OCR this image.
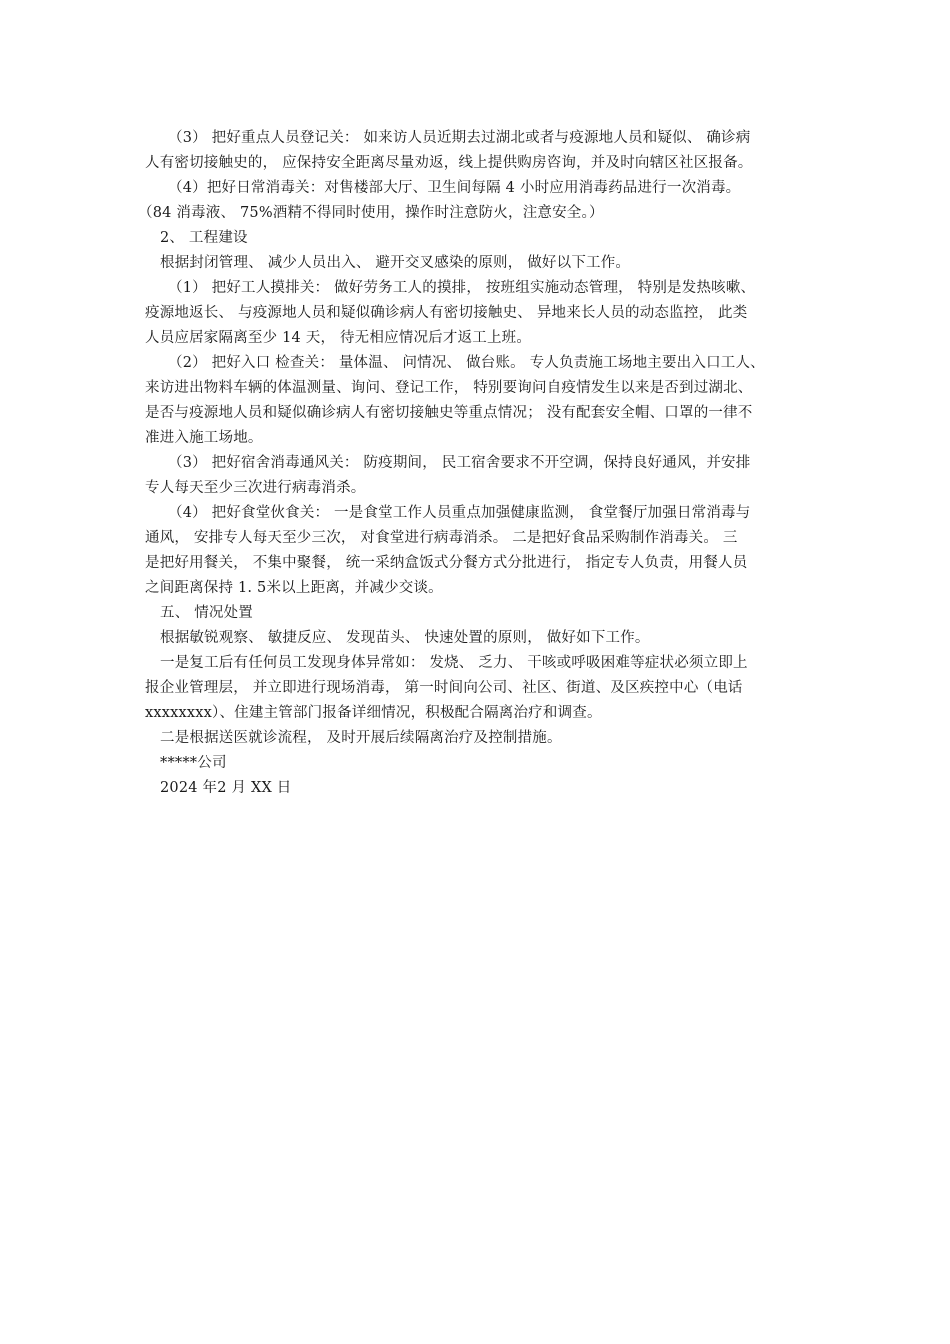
（3） 把好重点人员登记关： 如来访人员近期去过湖北或者与疫源地人员和疑似、 确诊病
人有密切接触史的， 应保持安全距离尽量劝返，线上提供购房咨询，并及时向辖区社区报备。
（4）把好日常消毒关：对售楼部大厅、卫生间每隔 4 小时应用消毒药品进行一次消毒。
（84 消毒液、 75%酒精不得同时使用，操作时注意防火，注意安全。）
2、 工程建设
根据封闭管理、 减少人员出入、 避开交叉感染的原则， 做好以下工作。
（1） 把好工人摸排关： 做好劳务工人的摸排， 按班组实施动态管理， 特别是发热咳嗽、
疫源地返长、 与疫源地人员和疑似确诊病人有密切接触史、 异地来长人员的动态监控， 此类
人员应居家隔离至少 14 天， 待无相应情况后才返工上班。
（2） 把好入口 检查关： 量体温、 问情况、 做台账。 专人负责施工场地主要出入口工人、
来访进出物料车辆的体温测量、询问、登记工作， 特别要询问自疫情发生以来是否到过湖北、
是否与疫源地人员和疑似确诊病人有密切接触史等重点情况； 没有配套安全帽、口罩的一律不
准进入施工场地。
（3） 把好宿舍消毒通风关： 防疫期间， 民工宿舍要求不开空调，保持良好通风，并安排
专人每天至少三次进行病毒消杀。
（4） 把好食堂伙食关： 一是食堂工作人员重点加强健康监测， 食堂餐厅加强日常消毒与
通风， 安排专人每天至少三次， 对食堂进行病毒消杀。 二是把好食品采购制作消毒关。 三
是把好用餐关， 不集中聚餐， 统一采纳盒饭式分餐方式分批进行， 指定专人负责，用餐人员
之间距离保持 1. 5米以上距离，并减少交谈。
五、 情况处置
根据敏锐观察、 敏捷反应、 发现苗头、 快速处置的原则， 做好如下工作。
一是复工后有任何员工发现身体异常如： 发烧、 乏力、 干咳或呼吸困难等症状必须立即上
报企业管理层， 并立即进行现场消毒， 第一时间向公司、社区、街道、及区疾控中心（电话
xxxxxxxx）、住建主管部门报备详细情况，积极配合隔离治疗和调查。
二是根据送医就诊流程， 及时开展后续隔离治疗及控制措施。
*****公司
2024 年2 月 XX 日
